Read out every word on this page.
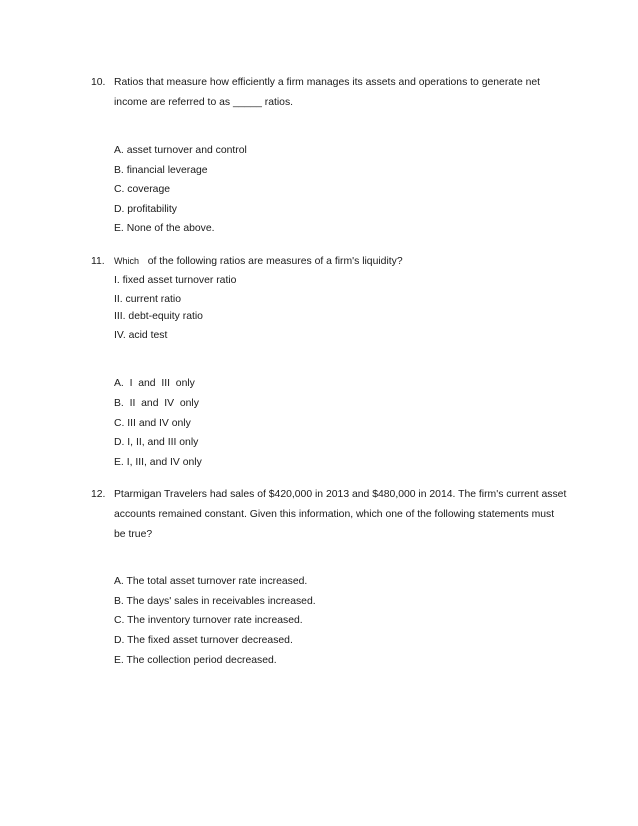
10. Ratios that measure how efficiently a firm manages its assets and operations to generate net
income are referred to as _____ ratios.
A. asset turnover and control
B. financial leverage
C. coverage
D. profitability
E. None of the above.
11. Which of the following ratios are measures of a firm's liquidity?
I. fixed asset turnover ratio
II. current ratio
III. debt-equity ratio
IV. acid test
A.  I  and  III  only
B.  II  and  IV  only
C. III and IV only
D. I, II, and III only
E. I, III, and IV only
12. Ptarmigan Travelers had sales of $420,000 in 2013 and $480,000 in 2014. The firm's current asset
accounts remained constant. Given this information, which one of the following statements must
be true?
A. The total asset turnover rate increased.
B. The days' sales in receivables increased.
C. The inventory turnover rate increased.
D. The fixed asset turnover decreased.
E. The collection period decreased.
